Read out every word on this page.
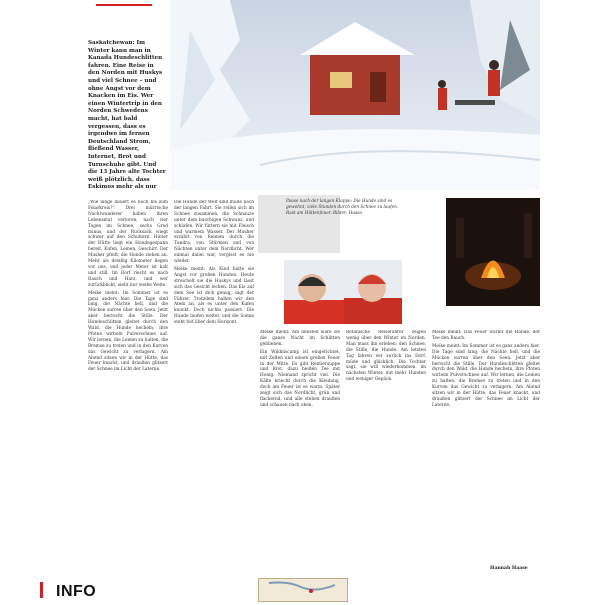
Saskatchewan: Im Winter kann man in Kanada Hundeschlitten fahren. Eine Reise in den Norden mit Huskys und viel Schnee – und ohne Angst vor dem Knacken im Eis. Wer einen Wintertrip in den Norden Schwedens macht, hat bald vergessen, dass es irgendwo im fernen Deutschland Strom, fließend Wasser, Internet, Brot und Turnschuhe gibt. Und die 13 Jahre alte Tochter weiß plötzlich, dass Eskimos mehr als nur

„Wie lange dauert es noch bis zum Polarkreis?“ Drei mürrische Nachtwanderer haben ihren Lebensmut verloren, nach vier Tagen im Schnee, sechs Grad minus, und der Rucksack wiegt schwer auf den Schultern. Hinter der Hütte liegt ein Hundegespann bereit, Kufen, Leinen, Geschirr. Der Musher pfeift, die Hunde ziehen an. Mehr als dreißig Kilometer liegen vor uns, und jeder Meter ist kalt und still. Im Dorf riecht es nach Rauch und Harz, und wer zurückblickt, sieht nur weiße Weite.

Meike meint: Im Sommer ist es ganz anders hier. Die Tage sind lang, die Nächte hell, und die Mücken surren über den Seen. Jetzt aber herrscht die Stille. Der Hundeschlitten gleitet durch den Wald, die Hunde hecheln, ihre Pfoten wirbeln Pulverschnee auf. Wir lernen, die Leinen zu halten, die Bremse zu treten und in den Kurven das Gewicht zu verlagern. Am Abend sitzen wir in der Hütte, das Feuer knackt, und draußen glitzert der Schnee im Licht der Laterne.

Die Hunde der Welt sind müde nach der langen Fahrt. Sie rollen sich im Schnee zusammen, die Schnauze unter dem buschigen Schwanz, und schlafen. Wir füttern sie mit Fleisch und warmem Wasser. Der Musher erzählt von Rennen durch die Tundra, von Stürmen und von Nächten unter dem Nordlicht. Wer einmal dabei war, vergisst es nie wieder.

Meike meint: Als Kind hatte sie Angst vor großen Hunden. Heute streichelt sie die Huskys und lässt sich das Gesicht lecken. Das Eis auf dem See ist dick genug, sagt der Führer. Trotzdem halten wir den Atem an, als es unter den Kufen knackt. Doch nichts passiert. Die Hunde laufen weiter, und die Sonne steht tief über dem Horizont.

Pause nach der langen Etappe: Die Hunde sind es gewohnt, viele Stunden durch den Schnee zu laufen. Rast am Hüttenfeuer. Bilder: Haaso

Meike meint: Am liebsten wäre sie die ganze Nacht im Schlitten geblieben.

Ein Wildniscamp ist eingerichtet, mit Zelten und einem großen Feuer in der Mitte. Es gibt Rentiersuppe und Brot, dazu heißen Tee mit Honig. Niemand spricht viel. Die Kälte kriecht durch die Kleidung, doch am Feuer ist es warm. Später zeigt sich das Nordlicht, grün und flackernd, und alle stehen draußen und schauen nach oben.

Botanische Reiseführer zeigen wenig über den Winter im Norden. Man muss ihn erleben: den Schnee, die Stille, die Hunde. Am letzten Tag fahren wir zurück ins Dorf, müde und glücklich. Die Tochter sagt, sie will wiederkommen, im nächsten Winter, mit mehr Hunden und weniger Gepäck.

Meike meint: Das Feuer wärmt die Hände, der Tee den Bauch.

Meike meint: Im Sommer ist es ganz anders hier. Die Tage sind lang, die Nächte hell, und die Mücken surren über den Seen. Jetzt aber herrscht die Stille. Der Hundeschlitten gleitet durch den Wald, die Hunde hecheln, ihre Pfoten wirbeln Pulverschnee auf. Wir lernen, die Leinen zu halten, die Bremse zu treten und in den Kurven das Gewicht zu verlagern. Am Abend sitzen wir in der Hütte, das Feuer knackt, und draußen glitzert der Schnee im Licht der Laterne.

Hannah Haase
INFO
